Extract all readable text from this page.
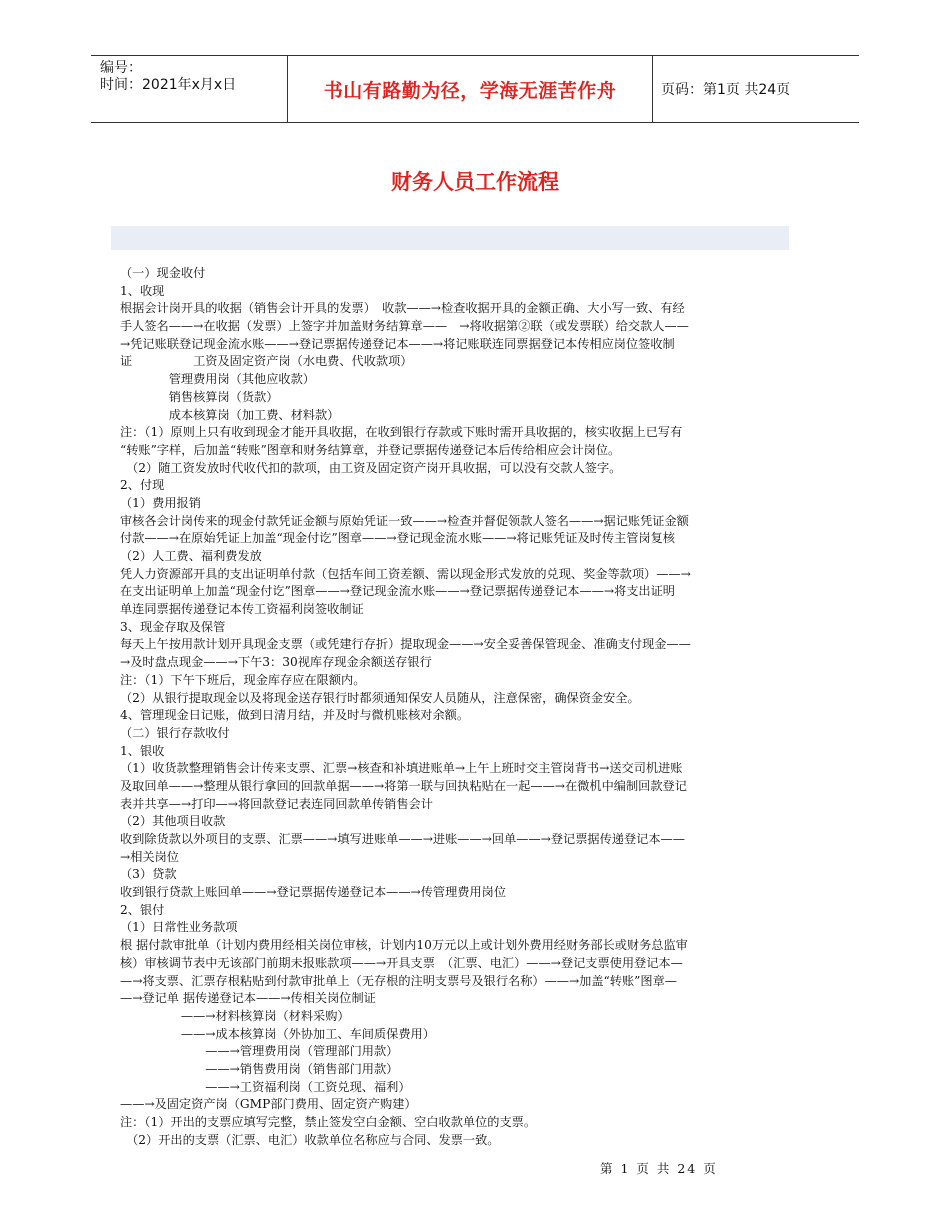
编号：
时间：2021年x月x日	书山有路勤为径，学海无涯苦作舟	页码：第1页 共24页
财务人员工作流程
（一）现金收付
1、收现
根据会计岗开具的收据（销售会计开具的发票）　收款——→检查收据开具的金额正确、大小写一致、有经
手人签名——→在收据（发票）上签字并加盖财务结算章——　→将收据第②联（或发票联）给交款人——
→凭记账联登记现金流水账——→登记票据传递登记本——→将记账联连同票据登记本传相应岗位签收制
证　　　　　工资及固定资产岗（水电费、代收款项）
　　　　管理费用岗（其他应收款）
　　　　销售核算岗（货款）
　　　　成本核算岗（加工费、材料款）
注：（1）原则上只有收到现金才能开具收据，在收到银行存款或下账时需开具收据的，核实收据上已写有
“转账”字样，后加盖“转账”图章和财务结算章，并登记票据传递登记本后传给相应会计岗位。
　（2）随工资发放时代收代扣的款项，由工资及固定资产岗开具收据，可以没有交款人签字。
2、付现
（1）费用报销
审核各会计岗传来的现金付款凭证金额与原始凭证一致——→检查并督促领款人签名——→据记账凭证金额
付款——→在原始凭证上加盖“现金付讫”图章——→登记现金流水账——→将记账凭证及时传主管岗复核
（2）人工费、福利费发放
凭人力资源部开具的支出证明单付款（包括车间工资差额、需以现金形式发放的兑现、奖金等款项）——→
在支出证明单上加盖“现金付讫”图章——→登记现金流水账——→登记票据传递登记本——→将支出证明
单连同票据传递登记本传工资福利岗签收制证
3、现金存取及保管
每天上午按用款计划开具现金支票（或凭建行存折）提取现金——→安全妥善保管现金、准确支付现金——
→及时盘点现金——→下午3：30视库存现金余额送存银行
注：（1）下午下班后，现金库存应在限额内。
（2）从银行提取现金以及将现金送存银行时都须通知保安人员随从，注意保密，确保资金安全。
4、管理现金日记账，做到日清月结，并及时与微机账核对余额。
（二）银行存款收付
1、银收
（1）收货款整理销售会计传来支票、汇票→核查和补填进账单→上午上班时交主管岗背书→送交司机进账
及取回单——→整理从银行拿回的回款单据——→将第一联与回执粘贴在一起——→在微机中编制回款登记
表并共享—→打印—→将回款登记表连同回款单传销售会计
（2）其他项目收款
收到除货款以外项目的支票、汇票——→填写进账单——→进账——→回单——→登记票据传递登记本——
→相关岗位
（3）贷款
收到银行贷款上账回单——→登记票据传递登记本——→传管理费用岗位
2、银付
（1）日常性业务款项
根 据付款审批单（计划内费用经相关岗位审核，计划内10万元以上或计划外费用经财务部长或财务总监审
核）审核调节表中无该部门前期未报账款项——→开具支票　（汇票、电汇）——→登记支票使用登记本—
—→将支票、汇票存根粘贴到付款审批单上（无存根的注明支票号及银行名称）——→加盖“转账”图章—
—→登记单 据传递登记本——→传相关岗位制证
　　　　　——→材料核算岗（材料采购）
　　　　　——→成本核算岗（外协加工、车间质保费用）
　　　　　　　——→管理费用岗（管理部门用款）
　　　　　　　——→销售费用岗（销售部门用款）
　　　　　　　——→工资福利岗（工资兑现、福利）
——→及固定资产岗（GMP部门费用、固定资产购建）
注：（1）开出的支票应填写完整，禁止签发空白金额、空白收款单位的支票。
　（2）开出的支票（汇票、电汇）收款单位名称应与合同、发票一致。
第 1 页 共 24 页
